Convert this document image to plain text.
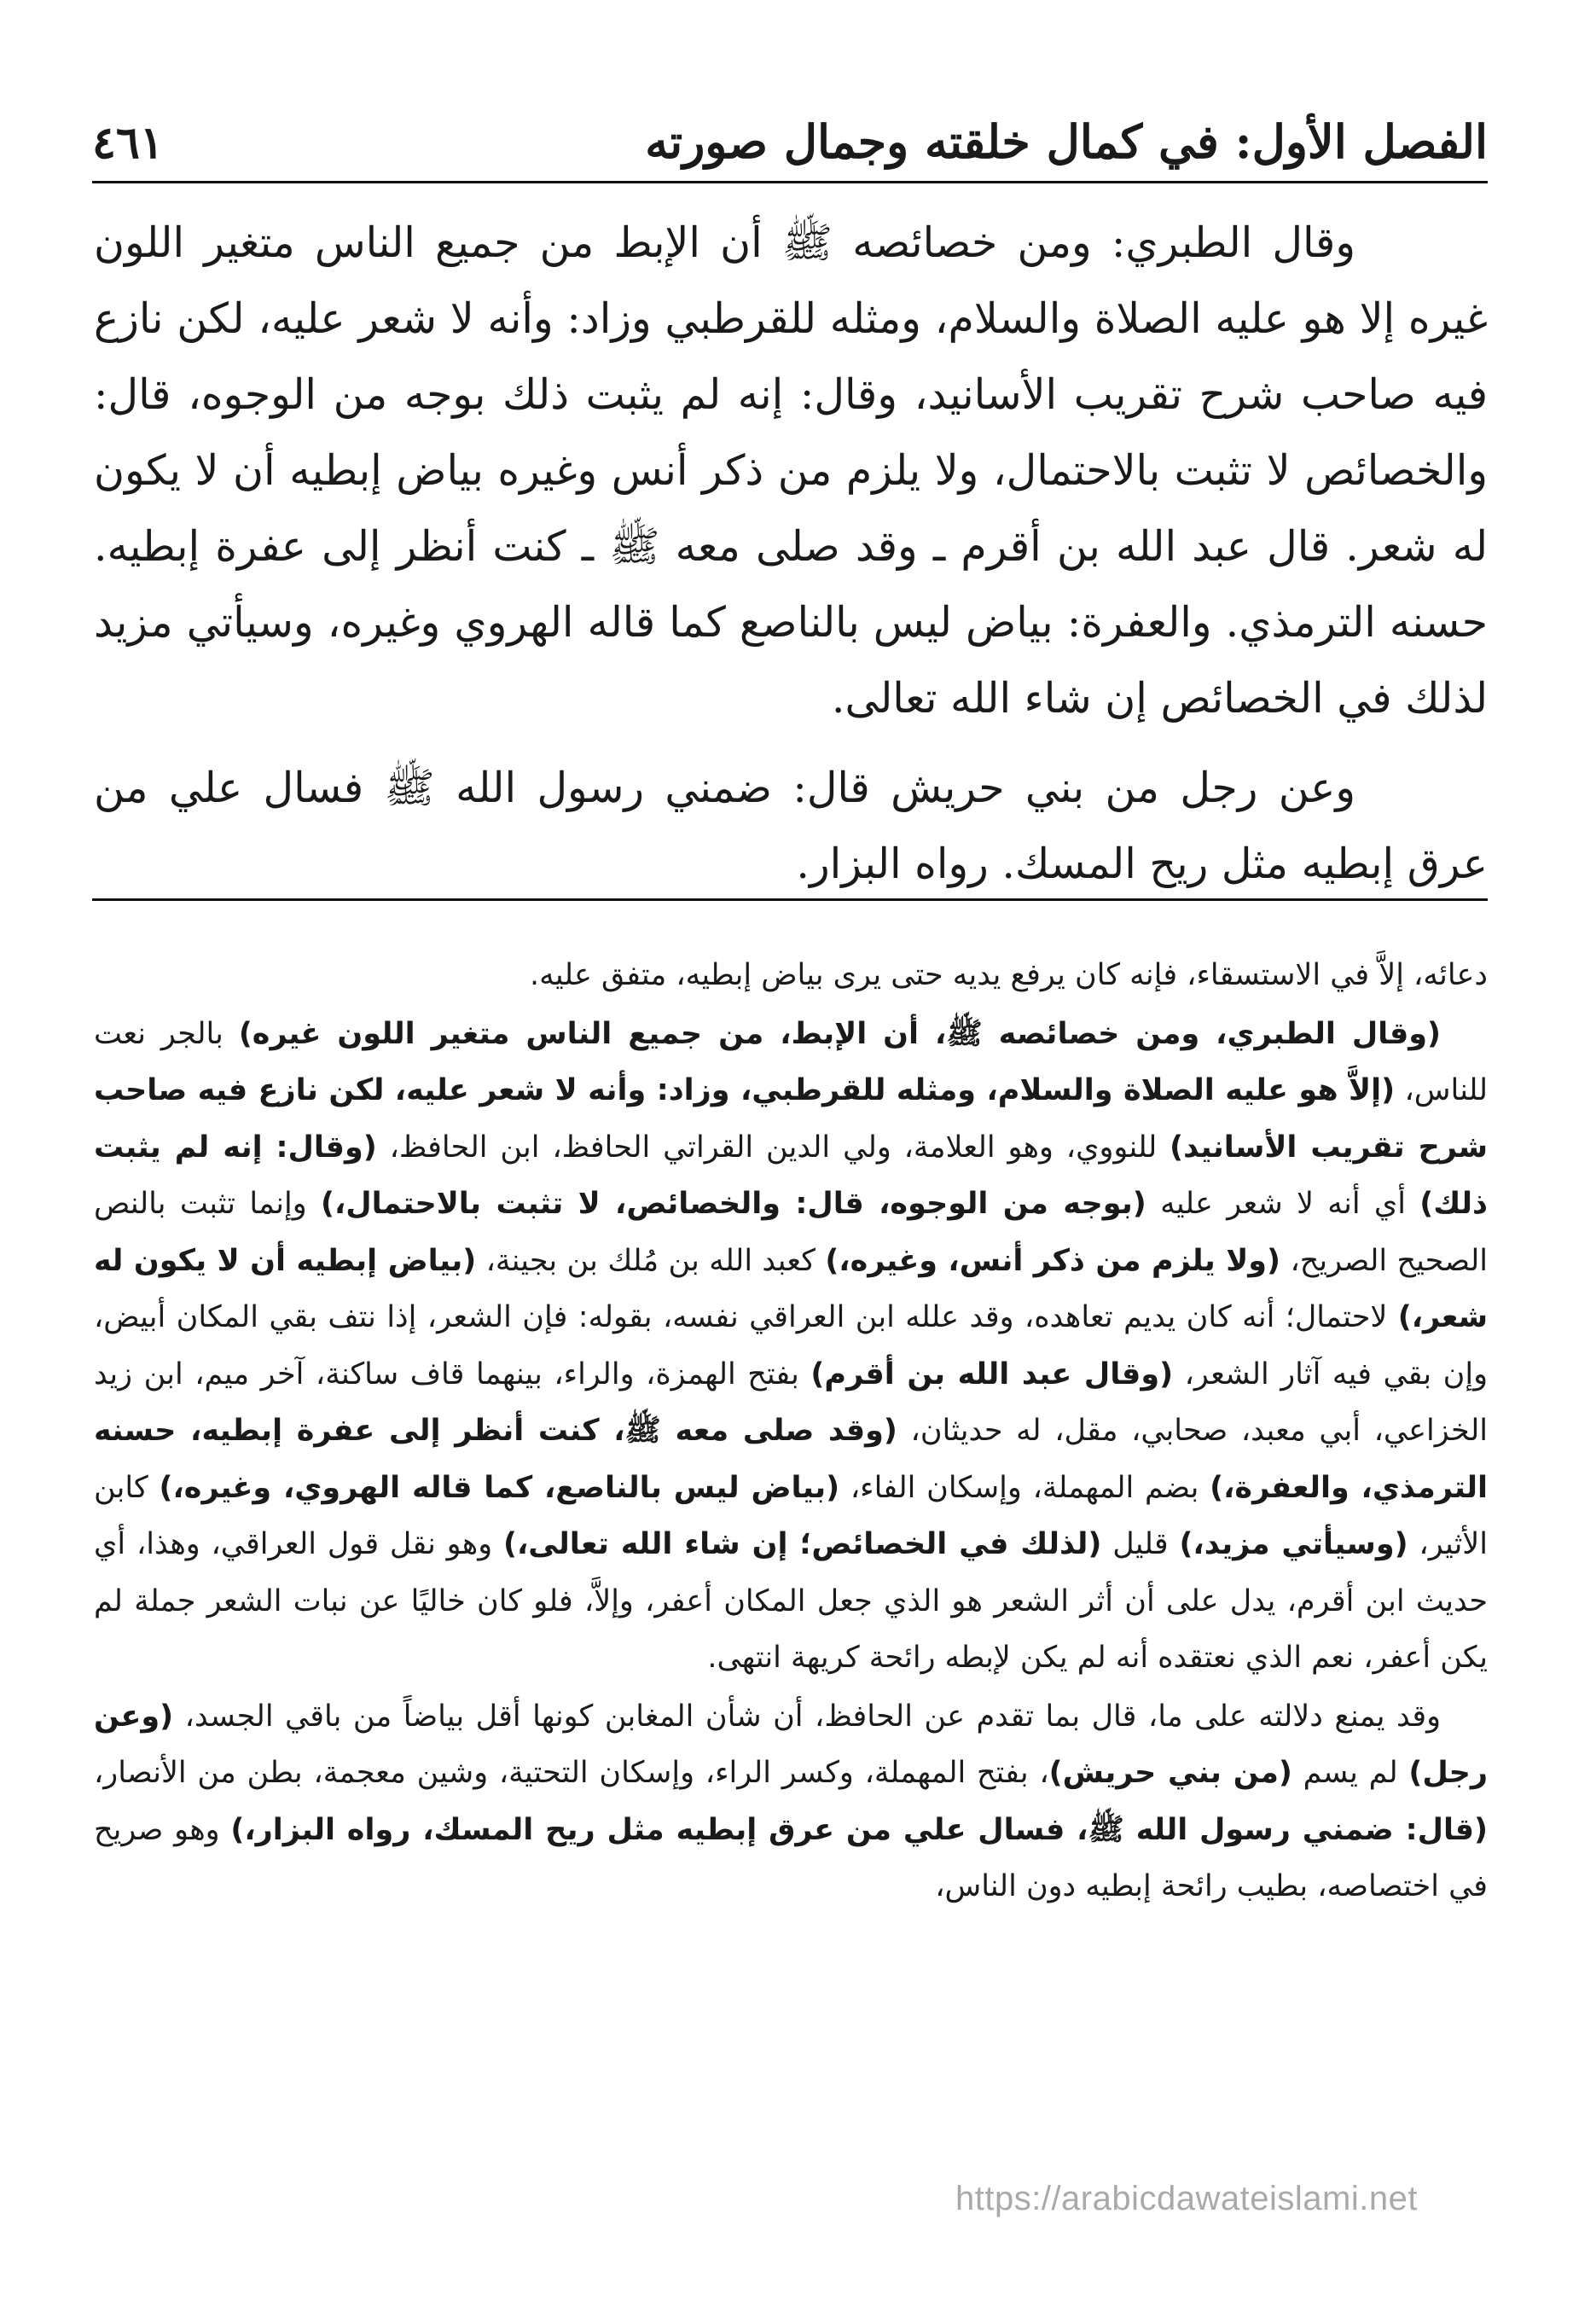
الفصل الأول: في كمال خلقته وجمال صورته
٤٦١

وقال الطبري: ومن خصائصه ﷺ أن الإبط من جميع الناس متغير اللون غيره إلا هو عليه الصلاة والسلام، ومثله للقرطبي وزاد: وأنه لا شعر عليه، لكن نازع فيه صاحب شرح تقريب الأسانيد، وقال: إنه لم يثبت ذلك بوجه من الوجوه، قال: والخصائص لا تثبت بالاحتمال، ولا يلزم من ذكر أنس وغيره بياض إبطيه أن لا يكون له شعر. قال عبد الله بن أقرم ـ وقد صلى معه ﷺ ـ كنت أنظر إلى عفرة إبطيه. حسنه الترمذي. والعفرة: بياض ليس بالناصع كما قاله الهروي وغيره، وسيأتي مزيد لذلك في الخصائص إن شاء الله تعالى.

وعن رجل من بني حريش قال: ضمني رسول الله ﷺ فسال علي من عرق إبطيه مثل ريح المسك. رواه البزار.

دعائه، إلاَّ في الاستسقاء، فإنه كان يرفع يديه حتى يرى بياض إبطيه، متفق عليه.

(وقال الطبري، ومن خصائصه ﷺ، أن الإبط، من جميع الناس متغير اللون غيره) بالجر نعت للناس، (إلاَّ هو عليه الصلاة والسلام، ومثله للقرطبي، وزاد: وأنه لا شعر عليه، لكن نازع فيه صاحب شرح تقريب الأسانيد) للنووي، وهو العلامة، ولي الدين القراتي الحافظ، ابن الحافظ، (وقال: إنه لم يثبت ذلك) أي أنه لا شعر عليه (بوجه من الوجوه، قال: والخصائص، لا تثبت بالاحتمال،) وإنما تثبت بالنص الصحيح الصريح، (ولا يلزم من ذكر أنس، وغيره،) كعبد الله بن مُلك بن بجينة، (بياض إبطيه أن لا يكون له شعر،) لاحتمال؛ أنه كان يديم تعاهده، وقد علله ابن العراقي نفسه، بقوله: فإن الشعر، إذا نتف بقي المكان أبيض، وإن بقي فيه آثار الشعر، (وقال عبد الله بن أقرم) بفتح الهمزة، والراء، بينهما قاف ساكنة، آخر ميم، ابن زيد الخزاعي، أبي معبد، صحابي، مقل، له حديثان، (وقد صلى معه ﷺ، كنت أنظر إلى عفرة إبطيه، حسنه الترمذي، والعفرة،) بضم المهملة، وإسكان الفاء، (بياض ليس بالناصع، كما قاله الهروي، وغيره،) كابن الأثير، (وسيأتي مزيد،) قليل (لذلك في الخصائص؛ إن شاء الله تعالى،) وهو نقل قول العراقي، وهذا، أي حديث ابن أقرم، يدل على أن أثر الشعر هو الذي جعل المكان أعفر، وإلاَّ، فلو كان خاليًا عن نبات الشعر جملة لم يكن أعفر، نعم الذي نعتقده أنه لم يكن لإبطه رائحة كريهة انتهى.

وقد يمنع دلالته على ما، قال بما تقدم عن الحافظ، أن شأن المغابن كونها أقل بياضاً من باقي الجسد، (وعن رجل) لم يسم (من بني حريش)، بفتح المهملة، وكسر الراء، وإسكان التحتية، وشين معجمة، بطن من الأنصار، (قال: ضمني رسول الله ﷺ، فسال علي من عرق إبطيه مثل ريح المسك، رواه البزار،) وهو صريح في اختصاصه، بطيب رائحة إبطيه دون الناس،

https://arabicdawateislami.net
